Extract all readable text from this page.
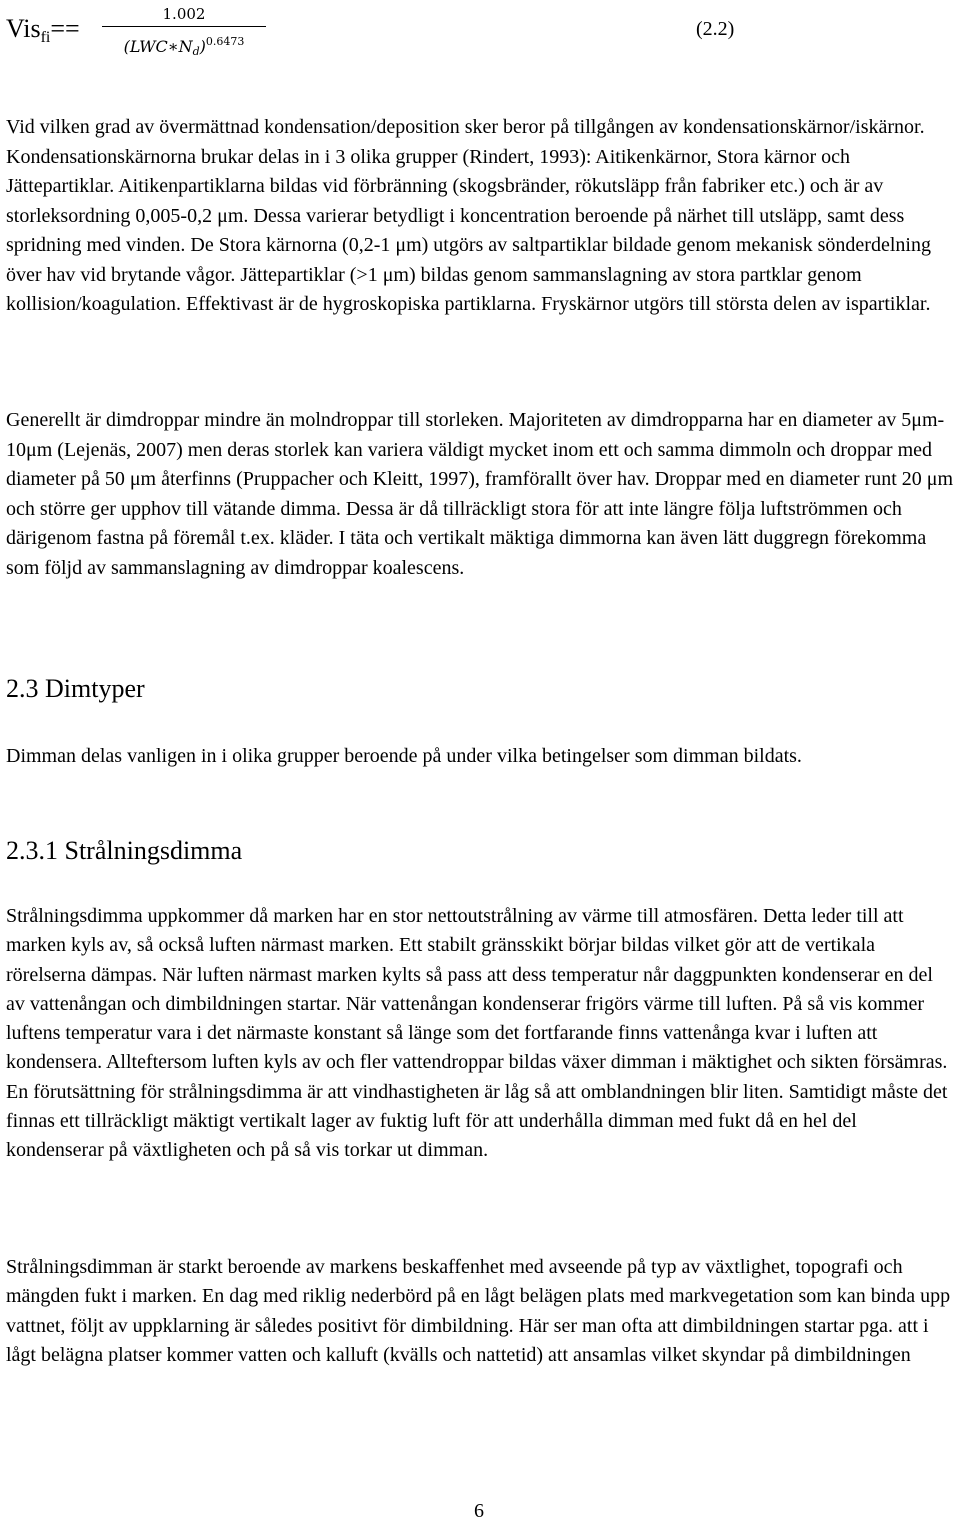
Vis$_{fi}$==	1.002
$(LWC∗N_d)^{0.6473}$
(2.2)

Vid vilken grad av övermättnad kondensation/deposition sker beror på tillgången av kondensationskärnor/iskärnor. Kondensationskärnorna brukar delas in i 3 olika grupper (Rindert, 1993): Aitikenkärnor, Stora kärnor och Jättepartiklar. Aitikenpartiklarna bildas vid förbränning (skogsbränder, rökutsläpp från fabriker etc.) och är av storleksordning 0,005-0,2 μm. Dessa varierar betydligt i koncentration beroende på närhet till utsläpp, samt dess spridning med vinden. De Stora kärnorna (0,2-1 μm) utgörs av saltpartiklar bildade genom mekanisk sönderdelning över hav vid brytande vågor. Jättepartiklar (>1 μm) bildas genom sammanslagning av stora partklar genom kollision/koagulation. Effektivast är de hygroskopiska partiklarna. Fryskärnor utgörs till största delen av ispartiklar.

Generellt är dimdroppar mindre än molndroppar till storleken. Majoriteten av dimdropparna har en diameter av 5μm-10μm (Lejenäs, 2007) men deras storlek kan variera väldigt mycket inom ett och samma dimmoln och droppar med diameter på 50 μm återfinns (Pruppacher och Kleitt, 1997), framförallt över hav. Droppar med en diameter runt 20 μm och större ger upphov till vätande dimma. Dessa är då tillräckligt stora för att inte längre följa luftströmmen och därigenom fastna på föremål t.ex. kläder. I täta och vertikalt mäktiga dimmorna kan även lätt duggregn förekomma som följd av sammanslagning av dimdroppar koalescens.

2.3 Dimtyper

Dimman delas vanligen in i olika grupper beroende på under vilka betingelser som dimman bildats.

2.3.1 Strålningsdimma

Strålningsdimma uppkommer då marken har en stor nettoutstrålning av värme till atmosfären. Detta leder till att marken kyls av, så också luften närmast marken. Ett stabilt gränsskikt börjar bildas vilket gör att de vertikala rörelserna dämpas. När luften närmast marken kylts så pass att dess temperatur når daggpunkten kondenserar en del av vattenångan och dimbildningen startar. När vattenångan kondenserar frigörs värme till luften. På så vis kommer luftens temperatur vara i det närmaste konstant så länge som det fortfarande finns vattenånga kvar i luften att kondensera. Allteftersom luften kyls av och fler vattendroppar bildas växer dimman i mäktighet och sikten försämras. En förutsättning för strålningsdimma är att vindhastigheten är låg så att omblandningen blir liten. Samtidigt måste det finnas ett tillräckligt mäktigt vertikalt lager av fuktig luft för att underhålla dimman med fukt då en hel del kondenserar på växtligheten och på så vis torkar ut dimman.

Strålningsdimman är starkt beroende av markens beskaffenhet med avseende på typ av växtlighet, topografi och mängden fukt i marken. En dag med riklig nederbörd på en lågt belägen plats med markvegetation som kan binda upp vattnet, följt av uppklarning är således positivt för dimbildning. Här ser man ofta att dimbildningen startar pga. att i lågt belägna platser kommer vatten och kalluft (kvälls och nattetid) att ansamlas vilket skyndar på dimbildningen

6
